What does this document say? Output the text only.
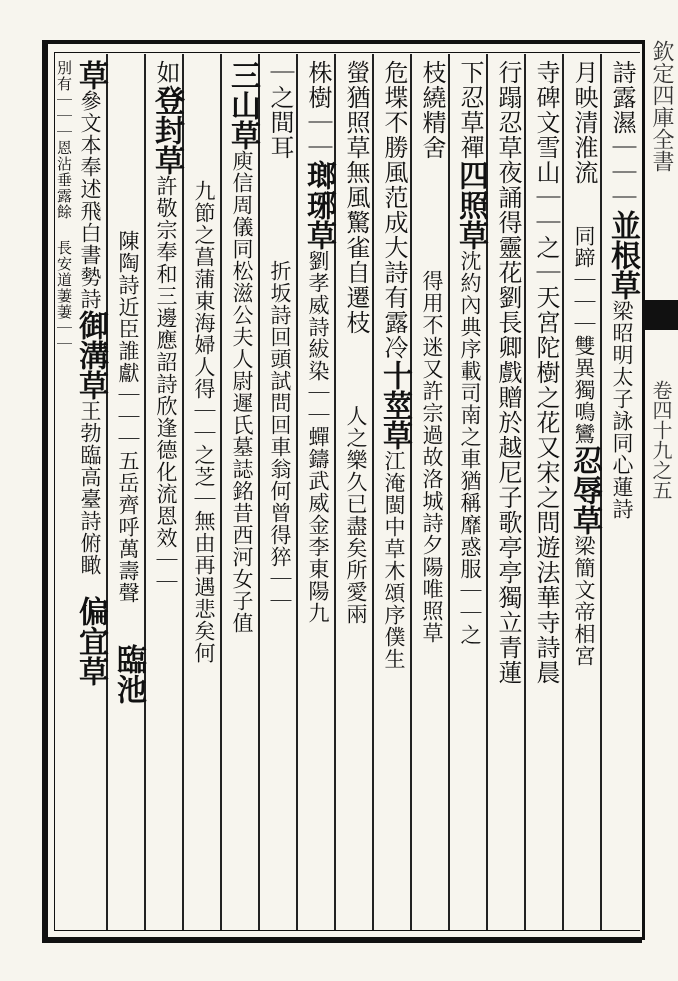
詩露濕｜｜｜並根草梁昭明太子詠同心蓮詩
月映清淮流同蹄｜｜｜雙異獨鳴鸞忍辱草梁簡文帝相宮
寺碑文雪山｜｜之｜天宮陀樹之花又宋之問遊法華寺詩晨
行蹋忍草夜誦得靈花劉長卿戲贈於越尼子歌亭亭獨立青蓮
下忍草禪四照草沈約內典序載司南之車猶稱靡惑服｜｜之
枝繞精舍得用不迷又許宗過故洛城詩夕陽唯照草
危堞不勝風范成大詩有露冷十莖草江淹閩中草木頌序僕生
螢猶照草無風驚雀自遷枝人之樂久已盡矣所愛兩
株樹｜｜瑯琊草劉孝威詩紱染｜｜蟬鑄武威金李東陽九
｜之間耳折坂詩回頭試問回車翁何曾得猝｜｜
三山草庾信周儀同松滋公夫人尉遲氏墓誌銘昔西河女子值
九節之菖蒲東海婦人得｜｜之芝｜無由再遇悲矣何
如登封草許敬宗奉和三邊應詔詩欣逢德化流恩效｜｜
陳陶詩近臣誰獻｜｜｜五岳齊呼萬壽聲臨池
草參文本奉述飛白書勢詩御溝草王勃臨高臺詩俯瞰偏宜草
別有｜｜｜恩沾垂露餘長安道萋萋｜｜
欽定四庫全書
卷四十九之五
